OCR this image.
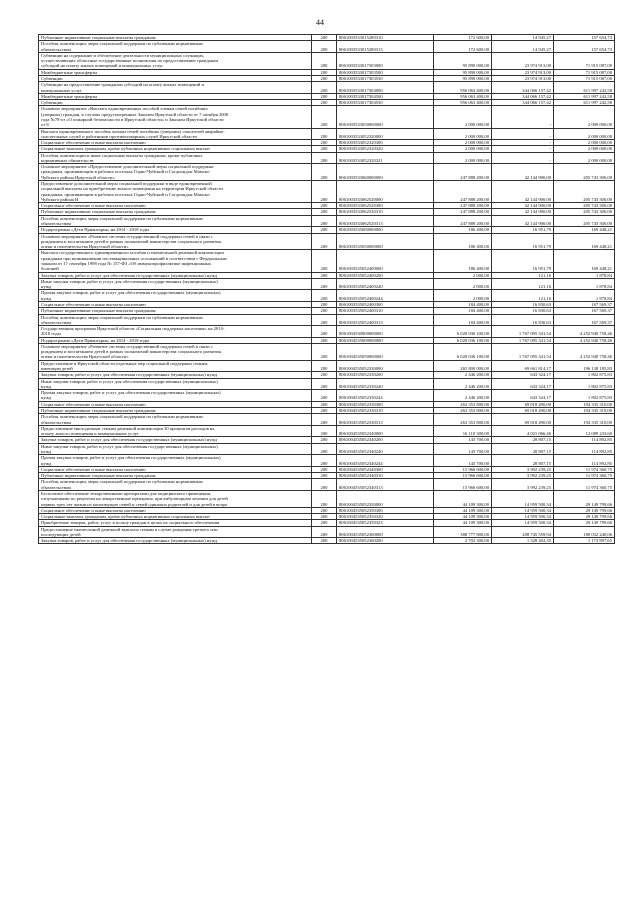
44
Публичные нормативные социальные выплаты гражданам	200	8061003533015280310	172 600,00	14 945,27	157 654,73
Пособия, компенсации, меры социальной поддержки по публичным нормативным
обязательствам	200	8061003533015280313	172 600,00	14 945,27	157 654,73
Субвенции на содержание и обеспечение деятельности муниципальных служащих,
осуществляющих областные государственные полномочия по предоставлению гражданам
субсидий на оплату жилых помещений и коммунальных услуг	200	8061003533017303000	95 890 000,00	23 974 913,00	71 915 087,00
Межбюджетные трансферты	200	8061003533017303500	95 890 000,00	23 974 913,00	71 915 087,00
Субвенции	200	8061003533017303530	95 890 000,00	23 974 913,00	71 915 087,00
Субвенции на предоставление гражданам субсидий на оплату жилых помещений и
коммунальных услуг	200	8061003533017304000	956 063 400,00	344 066 157,42	611 997 242,58
Межбюджетные трансферты	200	8061003533017304500	956 063 400,00	344 066 157,42	611 997 242,58
Субвенции	200	8061003533017304530	956 063 400,00	344 066 157,42	611 997 242,58
Основное мероприятие «Выплата единовременных пособий членам семей погибших
(умерших) граждан, в случаях предусмотренных Законом Иркутской области от 7 октября 2008
года №78-оз «О пожарной безопасности в Иркутской области» и Законом Иркутской области
от 8	200	8061003533050000000	2 000 000,00	-	2 000 000,00
Выплата единовременного пособия членам семей погибших (умерших) спасателей аварийно-
спасательных служб и работников противопожарных служб Иркутской области	200	8061003533052320000	2 000 000,00	-	2 000 000,00
Социальное обеспечение и иные выплаты населению	200	8061003533052320300	2 000 000,00	-	2 000 000,00
Социальные выплаты гражданам, кроме публичных нормативных социальных выплат	200	8061003533052320320	2 000 000,00	-	2 000 000,00
Пособия, компенсации и иные социальные выплаты гражданам, кроме публичных
нормативных обязательств	200	8061003533052320321	2 000 000,00	-	2 000 000,00
Основное мероприятие «Предоставление дополнительной меры социальной поддержки
гражданам, проживающим в рабочих поселках Горно-Чуйский и Согдиондон Мамско-
Чуйского района Иркутской области»	200	8061003533060000000	247 888 200,00	42 144 900,00	205 743 300,00
Предоставление дополнительной меры социальной поддержки в виде единовременной
социальной выплаты на приобретение жилого помещения на территории Иркутской области
гражданам, проживающим в рабочих поселках Горно-Чуйский и Согдиондон Мамско-
Чуйского района И	200	8061003533062520000	247 888 200,00	42 144 900,00	205 743 300,00
Социальное обеспечение и иные выплаты населению	200	8061003533062520300	247 888 200,00	42 144 900,00	205 743 300,00
Публичные нормативные социальные выплаты гражданам	200	8061003533062520310	247 888 200,00	42 144 900,00	205 743 300,00
Пособия, компенсации, меры социальной поддержки по публичным нормативным
обязательствам	200	8061003533062520313	247 888 200,00	42 144 900,00	205 743 300,00
Подпрограмма «Дети Приангарья» на 2014 - 2018 годы	200	8061003535000000000	186 400,00	16 951,79	169 448,21
Основное мероприятие «Развитие системы государственной поддержки семей в связи с
рождением и воспитанием детей в рамках полномочий министерства социального развития,
опеки и попечительства Иркутской области»	200	8061003535050000000	186 400,00	16 951,79	169 448,21
Выплата государственного единовременного пособия и ежемесячной денежной компенсации
гражданам при возникновении поствакцинальных осложнений в соответствии с Федеральным
законом от 17 сентября 1998 года № 157-ФЗ «Об иммунопрофилактике инфекционных
болезней	200	8061003535052400000	186 400,00	16 951,79	169 448,21
Закупка товаров, работ и услуг для обеспечения государственных (муниципальных) нужд	200	8061003535052400200	2 000,00	121,16	1 878,84
Иные закупки товаров, работ и услуг для обеспечения государственных (муниципальных)
нужд	200	8061003535052400240	2 000,00	121,16	1 878,84
Прочая закупка товаров, работ и услуг для обеспечения государственных (муниципальных)
нужд	200	8061003535052400244	2 000,00	121,16	1 878,84
Социальное обеспечение и иные выплаты населению	200	8061003535052400300	184 400,00	16 830,63	167 569,37
Публичные нормативные социальные выплаты гражданам	200	8061003535052400310	184 400,00	16 830,63	167 569,37
Пособия, компенсации, меры социальной поддержки по публичным нормативным
обязательствам	200	8061003535052400313	184 400,00	16 830,63	167 569,37
Государственная программа Иркутской области «Социальная поддержка населения» на 2014-
2018 годы	200	8061004530000000000	6 020 036 100,00	1 767 095 341,54	4 252 940 758,46
Подпрограмма «Дети Приангарья» на 2014 - 2018 годы	200	8061004535000000000	6 020 036 100,00	1 767 095 341,54	4 252 940 758,46
Основное мероприятие «Развитие системы государственной поддержки семей в связи с
рождением и воспитанием детей в рамках полномочий министерства социального развития,
опеки и попечительства Иркутской области»	200	8061004535050000000	6 020 036 100,00	1 767 095 341,54	4 252 940 758,46
Предоставление в Иркутской области отдельных мер социальной поддержки семьям,
имеющим детей	200	8061004535052330000	265 800 000,00	69 661 814,17	196 138 185,83
Закупка товаров, работ и услуг для обеспечения государственных (муниципальных) нужд	200	8061004535052330200	2 446 200,00	643 324,17	1 802 875,83
Иные закупки товаров, работ и услуг для обеспечения государственных (муниципальных)
нужд	200	8061004535052330240	2 446 200,00	643 324,17	1 802 875,83
Прочая закупка товаров, работ и услуг для обеспечения государственных (муниципальных)
нужд	200	8061004535052330244	2 446 200,00	643 324,17	1 802 875,83
Социальное обеспечение и иные выплаты населению	200	8061004535052330300	263 353 800,00	69 018 490,00	194 335 310,00
Публичные нормативные социальные выплаты гражданам	200	8061004535052330310	263 353 800,00	69 018 490,00	194 335 310,00
Пособия, компенсации, меры социальной поддержки по публичным нормативным
обязательствам	200	8061004535052330313	263 353 800,00	69 018 490,00	194 335 310,00
Предоставление многодетным семьям денежной компенсации 30 процентов расходов на
оплату жилого помещения и коммунальных услуг	200	8061004535052340000	16 110 300,00	4 021 066,46	12 089 233,60
Закупка товаров, работ и услуг для обеспечения государственных (муниципальных) нужд	200	8061004535052340200	143 700,00	28 807,15	114 892,85
Иные закупки товаров, работ и услуг для обеспечения государственных (муниципальных)
нужд	200	8061004535052340240	143 700,00	28 807,15	114 892,85
Прочая закупка товаров, работ и услуг для обеспечения государственных (муниципальных)
нужд	200	8061004535052340244	143 700,00	28 807,15	114 892,85
Социальное обеспечение и иные выплаты населению	200	8061004535052340300	15 966 600,00	3 992 239,25	11 974 360,75
Публичные нормативные социальные выплаты гражданам	200	8061004535052340310	15 966 600,00	3 992 239,25	11 974 360,75
Пособия, компенсации, меры социальной поддержки по публичным нормативным
обязательствам	200	8061004535052340313	15 966 600,00	3 992 239,25	11 974 360,75
Бесплатное обеспечение лекарственными препаратами для медицинского применения,
отпускаемыми по рецептам на лекарственные препараты, при амбулаторном лечении для детей
первых трех лет жизни из малоимущих семей и семей одиноких родителей и для детей в возра	200	8061004535052350000	44 109 300,00	14 959 500,34	29 149 799,66
Социальное обеспечение и иные выплаты населению	200	8061004535052350300	44 109 300,00	14 959 500,34	29 149 799,66
Социальные выплаты гражданам, кроме публичных нормативных социальных выплат	200	8061004535052350320	44 109 300,00	14 959 500,34	29 149 799,66
Приобретение товаров, работ, услуг в пользу граждан в целях их социального обеспечения	200	8061004535052350323	44 109 300,00	14 959 500,34	29 149 799,66
Предоставление ежемесячной денежной выплаты семьям в случае рождения третьего или
последующих детей	200	8061004535052360000	388 777 800,00	208 745 559,94	180 032 240,06
Закупка товаров, работ и услуг для обеспечения государственных (муниципальных) нужд	200	8061004535052360200	2 702 300,00	1 528 402,35	1 173 897,65
